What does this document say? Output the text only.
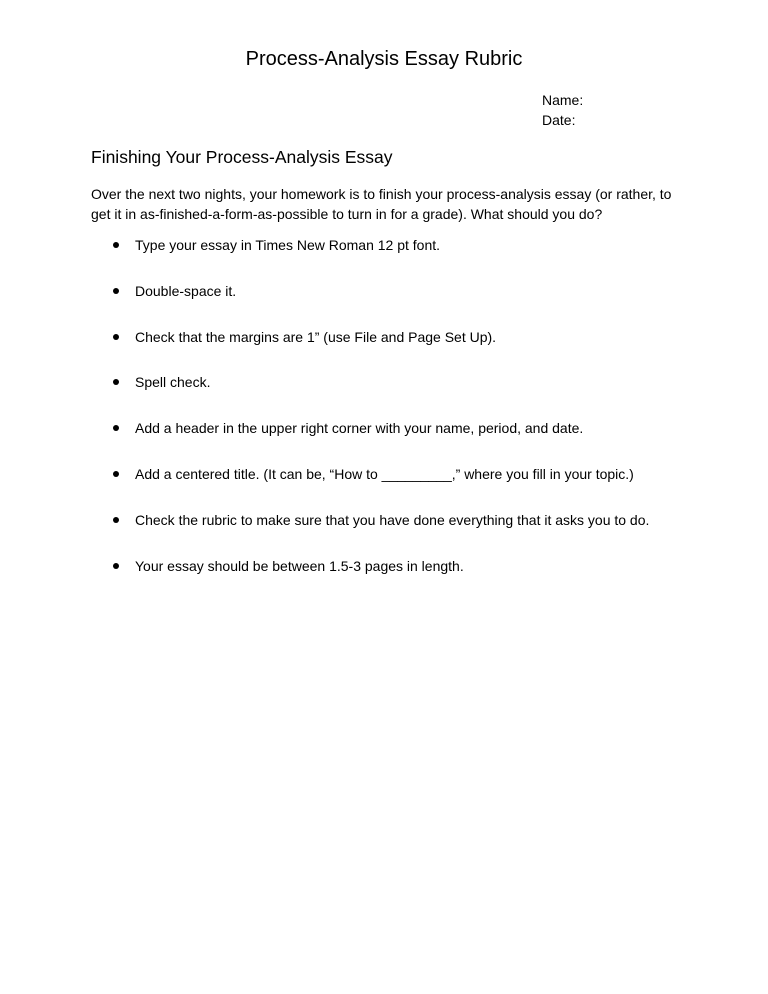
Process-Analysis Essay Rubric
Name:
Date:
Finishing Your Process-Analysis Essay
Over the next two nights, your homework is to finish your process-analysis essay (or rather, to get it in as-finished-a-form-as-possible to turn in for a grade). What should you do?
Type your essay in Times New Roman 12 pt font.
Double-space it.
Check that the margins are 1” (use File and Page Set Up).
Spell check.
Add a header in the upper right corner with your name, period, and date.
Add a centered title. (It can be, “How to _________,” where you fill in your topic.)
Check the rubric to make sure that you have done everything that it asks you to do.
Your essay should be between 1.5-3 pages in length.
